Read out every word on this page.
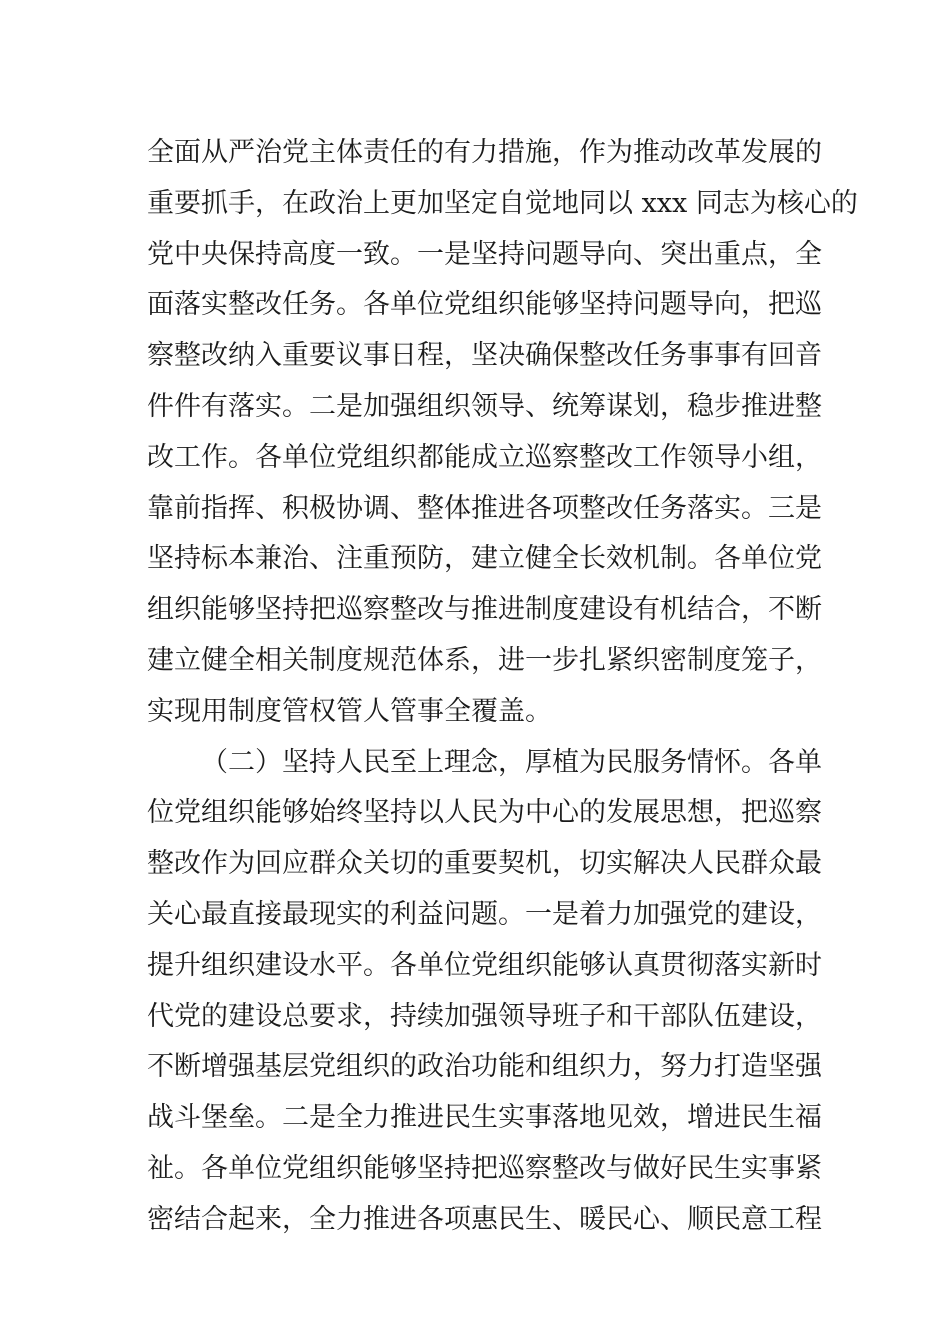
全面从严治党主体责任的有力措施，作为推动改革发展的
重要抓手，在政治上更加坚定自觉地同以 xxx 同志为核心的
党中央保持高度一致。一是坚持问题导向、突出重点，全
面落实整改任务。各单位党组织能够坚持问题导向，把巡
察整改纳入重要议事日程，坚决确保整改任务事事有回音
件件有落实。二是加强组织领导、统筹谋划，稳步推进整
改工作。各单位党组织都能成立巡察整改工作领导小组，
靠前指挥、积极协调、整体推进各项整改任务落实。三是
坚持标本兼治、注重预防，建立健全长效机制。各单位党
组织能够坚持把巡察整改与推进制度建设有机结合，不断
建立健全相关制度规范体系，进一步扎紧织密制度笼子，
实现用制度管权管人管事全覆盖。
（二）坚持人民至上理念，厚植为民服务情怀。各单
位党组织能够始终坚持以人民为中心的发展思想，把巡察
整改作为回应群众关切的重要契机，切实解决人民群众最
关心最直接最现实的利益问题。一是着力加强党的建设，
提升组织建设水平。各单位党组织能够认真贯彻落实新时
代党的建设总要求，持续加强领导班子和干部队伍建设，
不断增强基层党组织的政治功能和组织力，努力打造坚强
战斗堡垒。二是全力推进民生实事落地见效，增进民生福
祉。各单位党组织能够坚持把巡察整改与做好民生实事紧
密结合起来，全力推进各项惠民生、暖民心、顺民意工程
